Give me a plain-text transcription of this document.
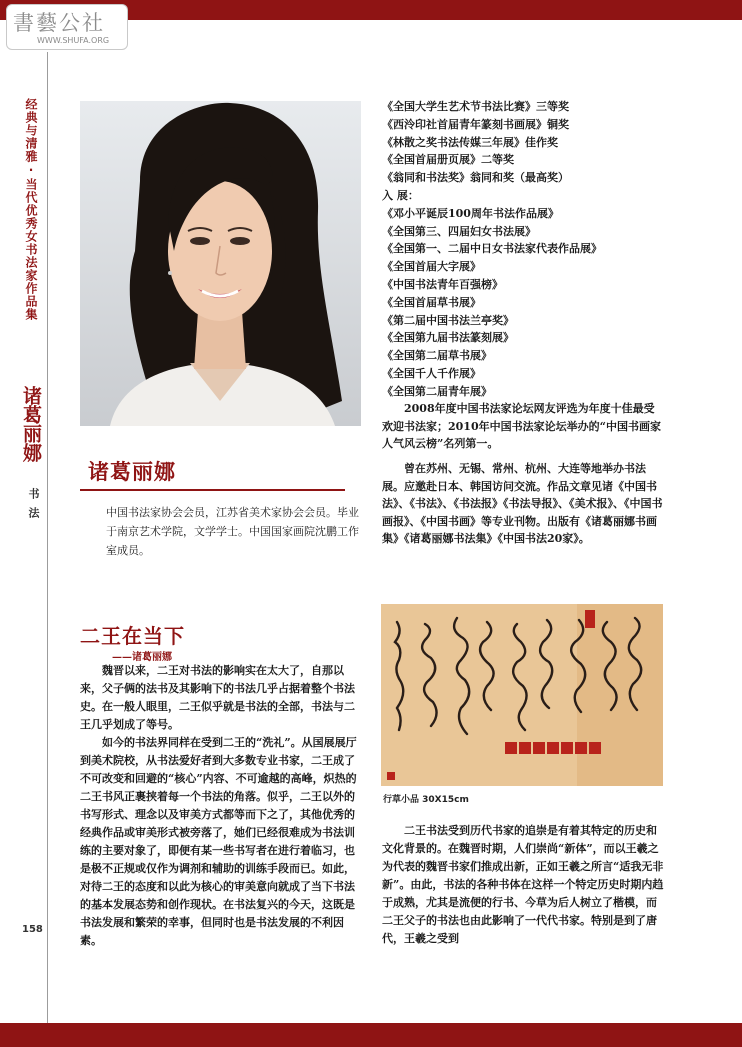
書藝公社
WWW.SHUFA.ORG
经典与清雅·当代优秀女书法家作品集
诸葛丽娜
书法
158
诸葛丽娜
中国书法家协会会员，江苏省美术家协会会员。毕业于南京艺术学院，文学学士。中国国家画院沈鹏工作室成员。
《全国大学生艺术节书法比赛》三等奖
《西泠印社首届青年篆刻书画展》铜奖
《林散之奖书法传媒三年展》佳作奖
《全国首届册页展》二等奖
《翁同和书法奖》翁同和奖（最高奖）
入 展：
《邓小平诞辰100周年书法作品展》
《全国第三、四届妇女书法展》
《全国第一、二届中日女书法家代表作品展》
《全国首届大字展》
《中国书法青年百强榜》
《全国首届草书展》
《第二届中国书法兰亭奖》
《全国第九届书法篆刻展》
《全国第二届草书展》
《全国千人千作展》
《全国第二届青年展》
2008年度中国书法家论坛网友评选为年度十佳最受欢迎书法家；2010年中国书法家论坛举办的“中国书画家人气风云榜”名列第一。
曾在苏州、无锡、常州、杭州、大连等地举办书法展。应邀赴日本、韩国访问交流。作品文章见诸《中国书法》、《书法》、《书法报》《书法导报》、《美术报》、《中国书画报》、《中国书画》等专业刊物。出版有《诸葛丽娜书画集》《诸葛丽娜书法集》《中国书法20家》。
二王在当下
——诸葛丽娜

魏晋以来，二王对书法的影响实在太大了，自那以来，父子俩的法书及其影响下的书法几乎占据着整个书法史。在一般人眼里，二王似乎就是书法的全部，书法与二王几乎划成了等号。

如今的书法界同样在受到二王的“洗礼”。从国展展厅到美术院校，从书法爱好者到大多数专业书家，二王成了不可改变和回避的“核心”内容、不可逾越的高峰，炽热的二王书风正裹挟着每一个书法的角落。似乎，二王以外的书写形式、理念以及审美方式都等而下之了，其他优秀的经典作品或审美形式被旁落了，她们已经很难成为书法训练的主要对象了，即便有某一些书写者在进行着临习，也是极不正规或仅作为调剂和辅助的训练手段而已。如此，对待二王的态度和以此为核心的审美意向就成了当下书法的基本发展态势和创作现状。在书法复兴的今天，这既是书法发展和繁荣的幸事，但同时也是书法发展的不利因素。

行草小品 30X15cm
二王书法受到历代书家的追崇是有着其特定的历史和文化背景的。在魏晋时期，人们崇尚“新体”，而以王羲之为代表的魏晋书家们推成出新，正如王羲之所言“适我无非新”。由此，书法的各种书体在这样一个特定历史时期内趋于成熟，尤其是流便的行书、今草为后人树立了楷模，而二王父子的书法也由此影响了一代代书家。特别是到了唐代，王羲之受到
